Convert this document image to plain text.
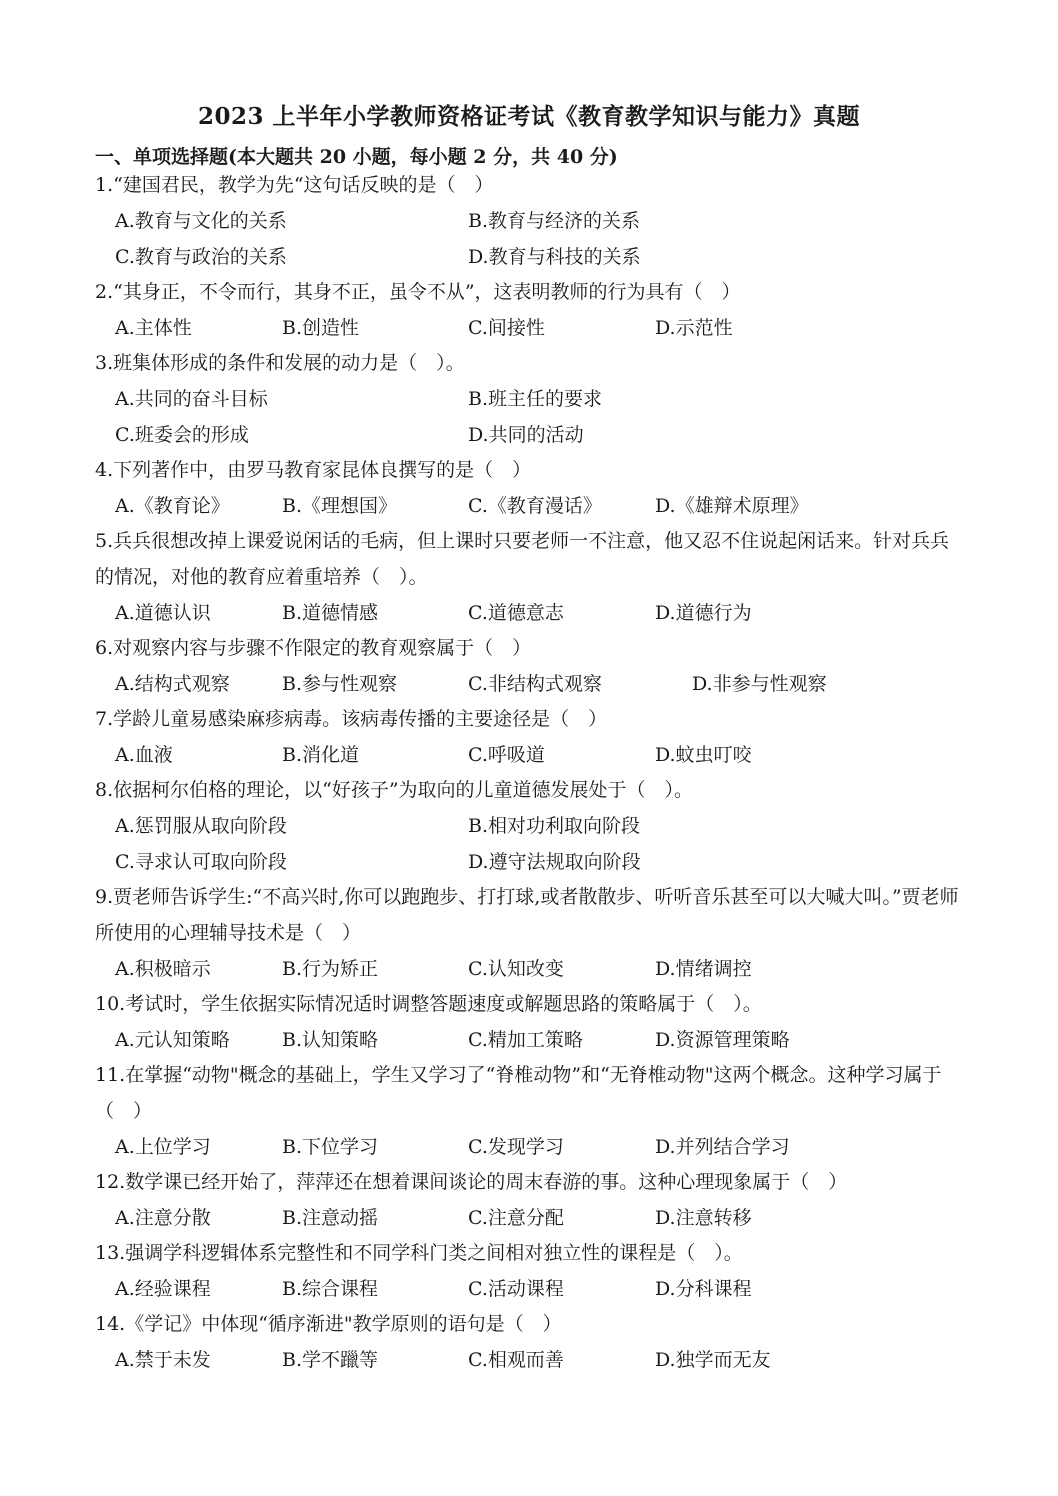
2023 上半年小学教师资格证考试《教育教学知识与能力》真题
一、单项选择题(本大题共 20 小题，每小题 2 分，共 40 分)
1.“建国君民，教学为先“这句话反映的是（　）
A.教育与文化的关系	B.教育与经济的关系
C.教育与政治的关系	D.教育与科技的关系
2.“其身正，不令而行，其身不正，虽令不从”，这表明教师的行为具有（　）
A.主体性	B.创造性	C.间接性	D.示范性
3.班集体形成的条件和发展的动力是（　）。
A.共同的奋斗目标	B.班主任的要求
C.班委会的形成	D.共同的活动
4.下列著作中，由罗马教育家昆体良撰写的是（　）
A.《教育论》	B.《理想国》	C.《教育漫话》	D.《雄辩术原理》
5.兵兵很想改掉上课爱说闲话的毛病，但上课时只要老师一不注意，他又忍不住说起闲话来。针对兵兵的情况，对他的教育应着重培养（　）。
A.道德认识	B.道德情感	C.道德意志	D.道德行为
6.对观察内容与步骤不作限定的教育观察属于（　）
A.结构式观察	B.参与性观察	C.非结构式观察	D.非参与性观察
7.学龄儿童易感染麻疹病毒。该病毒传播的主要途径是（　）
A.血液	B.消化道	C.呼吸道	D.蚊虫叮咬
8.依据柯尔伯格的理论，以“好孩子”为取向的儿童道德发展处于（　）。
A.惩罚服从取向阶段	B.相对功利取向阶段
C.寻求认可取向阶段	D.遵守法规取向阶段
9.贾老师告诉学生:“不高兴时,你可以跑跑步、打打球,或者散散步、听听音乐甚至可以大喊大叫。”贾老师所使用的心理辅导技术是（　）
A.积极暗示	B.行为矫正	C.认知改变	D.情绪调控
10.考试时，学生依据实际情况适时调整答题速度或解题思路的策略属于（　）。
A.元认知策略	B.认知策略	C.精加工策略	D.资源管理策略
11.在掌握“动物"概念的基础上，学生又学习了“脊椎动物”和“无脊椎动物"这两个概念。这种学习属于（　）
A.上位学习	B.下位学习	C.发现学习	D.并列结合学习
12.数学课已经开始了，萍萍还在想着课间谈论的周末春游的事。这种心理现象属于（　）
A.注意分散	B.注意动摇	C.注意分配	D.注意转移
13.强调学科逻辑体系完整性和不同学科门类之间相对独立性的课程是（　）。
A.经验课程	B.综合课程	C.活动课程	D.分科课程
14.《学记》中体现“循序渐进"教学原则的语句是（　）
A.禁于未发	B.学不躐等	C.相观而善	D.独学而无友
